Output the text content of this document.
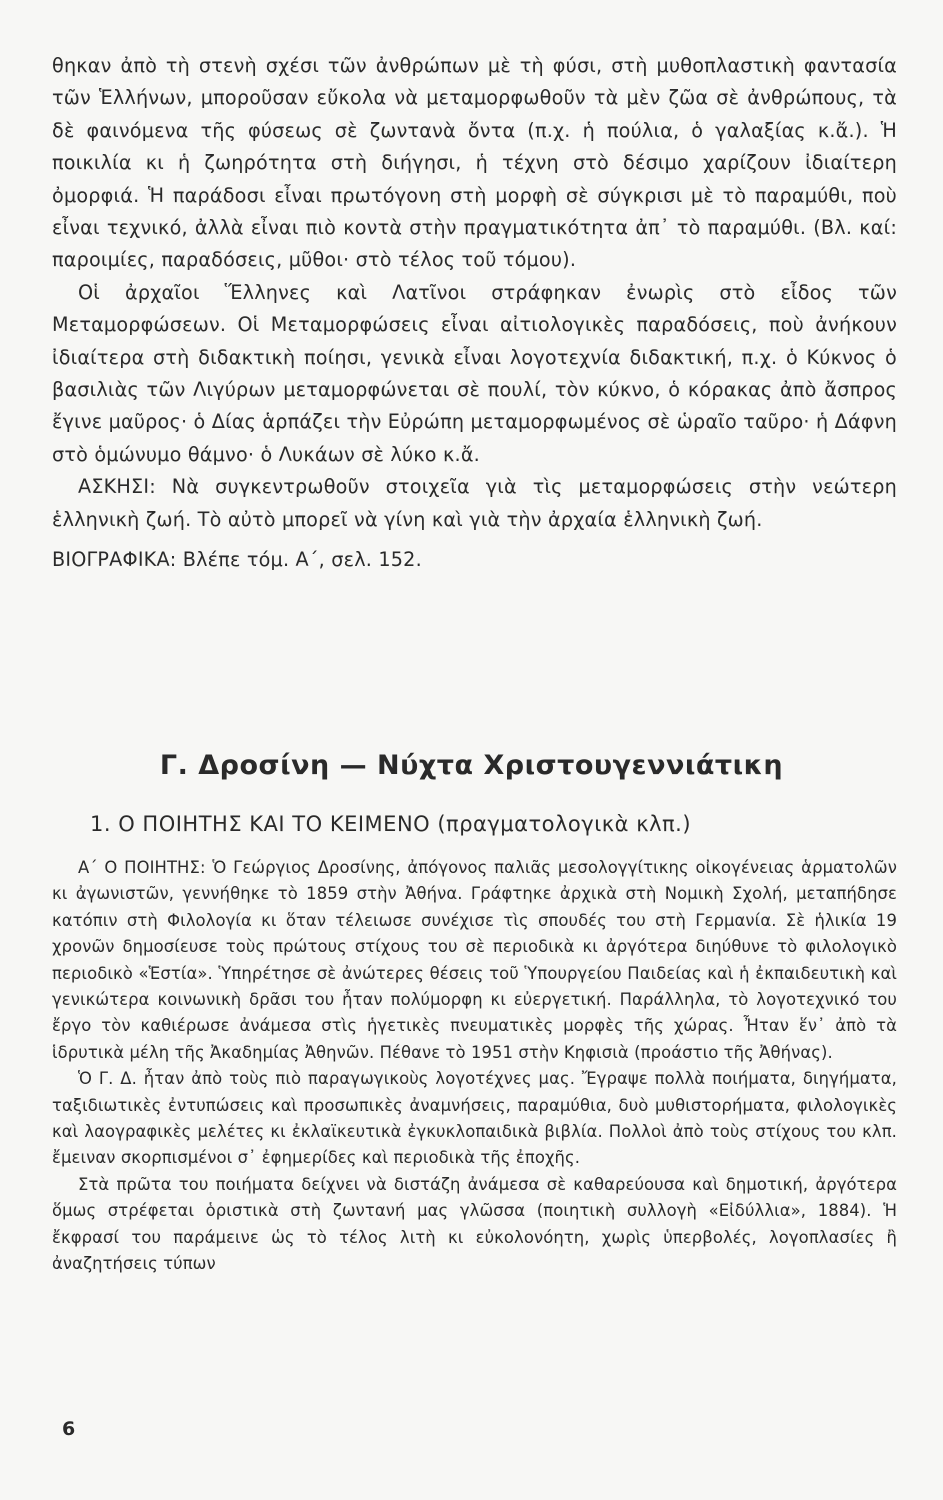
θηκαν ἀπὸ τὴ στενὴ σχέσι τῶν ἀνθρώπων μὲ τὴ φύσι, στὴ μυθοπλαστικὴ φαντασία τῶν Ἑλλήνων, μποροῦσαν εὔκολα νὰ μεταμορφωθοῦν τὰ μὲν ζῶα σὲ ἀνθρώπους, τὰ δὲ φαινόμενα τῆς φύσεως σὲ ζωντανὰ ὄντα (π.χ. ἡ πούλια, ὁ γαλαξίας κ.ἄ.). Ἡ ποικιλία κι ἡ ζωηρότητα στὴ διήγησι, ἡ τέχνη στὸ δέσιμο χαρίζουν ἰδιαίτερη ὀμορφιά. Ἡ παράδοσι εἶναι πρωτόγονη στὴ μορφὴ σὲ σύγκρισι μὲ τὸ παραμύθι, ποὺ εἶναι τεχνικό, ἀλλὰ εἶναι πιὸ κοντὰ στὴν πραγματικότητα ἀπ᾽ τὸ παραμύθι. (Βλ. καί: παροιμίες, παραδόσεις, μῦθοι· στὸ τέλος τοῦ τόμου).

Οἱ ἀρχαῖοι Ἕλληνες καὶ Λατῖνοι στράφηκαν ἐνωρὶς στὸ εἶδος τῶν Μεταμορφώσεων. Οἱ Μεταμορφώσεις εἶναι αἰτιολογικὲς παραδόσεις, ποὺ ἀνήκουν ἰδιαίτερα στὴ διδακτικὴ ποίησι, γενικὰ εἶναι λογοτεχνία διδακτική, π.χ. ὁ Κύκνος ὁ βασιλιὰς τῶν Λιγύρων μεταμορφώνεται σὲ πουλί, τὸν κύκνο, ὁ κόρακας ἀπὸ ἄσπρος ἔγινε μαῦρος· ὁ Δίας ἁρπάζει τὴν Εὐρώπη μεταμορφωμένος σὲ ὡραῖο ταῦρο· ἡ Δάφνη στὸ ὁμώνυμο θάμνο· ὁ Λυκάων σὲ λύκο κ.ἄ.

ΑΣΚΗΣΙ: Νὰ συγκεντρωθοῦν στοιχεῖα γιὰ τὶς μεταμορφώσεις στὴν νεώτερη ἑλληνικὴ ζωή. Τὸ αὐτὸ μπορεῖ νὰ γίνη καὶ γιὰ τὴν ἀρχαία ἑλληνικὴ ζωή.

ΒΙΟΓΡΑΦΙΚΑ: Βλέπε τόμ. Α΄, σελ. 152.

Γ. Δροσίνη — Νύχτα Χριστουγεννιάτικη
1. Ο ΠΟΙΗΤΗΣ ΚΑΙ ΤΟ ΚΕΙΜΕΝΟ (πραγματολογικὰ κλπ.)

Α΄ Ο ΠΟΙΗΤΗΣ: Ὁ Γεώργιος Δροσίνης, ἀπόγονος παλιᾶς μεσολογγίτικης οἰκογένειας ἁρματολῶν κι ἀγωνιστῶν, γεννήθηκε τὸ 1859 στὴν Ἀθήνα. Γράφτηκε ἀρχικὰ στὴ Νομικὴ Σχολή, μεταπήδησε κατόπιν στὴ Φιλολογία κι ὅταν τέλειωσε συνέχισε τὶς σπουδές του στὴ Γερμανία. Σὲ ἡλικία 19 χρονῶν δημοσίευσε τοὺς πρώτους στίχους του σὲ περιοδικὰ κι ἀργότερα διηύθυνε τὸ φιλολογικὸ περιοδικὸ «Ἑστία». Ὑπηρέτησε σὲ ἀνώτερες θέσεις τοῦ Ὑπουργείου Παιδείας καὶ ἡ ἐκπαιδευτικὴ καὶ γενικώτερα κοινωνικὴ δρᾶσι του ἦταν πολύμορφη κι εὐεργετική. Παράλληλα, τὸ λογοτεχνικό του ἔργο τὸν καθιέρωσε ἀνάμεσα στὶς ἡγετικὲς πνευματικὲς μορφὲς τῆς χώρας. Ἦταν ἕν᾽ ἀπὸ τὰ ἱδρυτικὰ μέλη τῆς Ἀκαδημίας Ἀθηνῶν. Πέθανε τὸ 1951 στὴν Κηφισιὰ (προάστιο τῆς Ἀθήνας).

Ὁ Γ. Δ. ἦταν ἀπὸ τοὺς πιὸ παραγωγικοὺς λογοτέχνες μας. Ἔγραψε πολλὰ ποιήματα, διηγήματα, ταξιδιωτικὲς ἐντυπώσεις καὶ προσωπικὲς ἀναμνήσεις, παραμύθια, δυὸ μυθιστορήματα, φιλολογικὲς καὶ λαογραφικὲς μελέτες κι ἐκλαϊκευτικὰ ἐγκυκλοπαιδικὰ βιβλία. Πολλοὶ ἀπὸ τοὺς στίχους του κλπ. ἔμειναν σκορπισμένοι σ᾽ ἐφημερίδες καὶ περιοδικὰ τῆς ἐποχῆς.

Στὰ πρῶτα του ποιήματα δείχνει νὰ διστάζη ἀνάμεσα σὲ καθαρεύουσα καὶ δημοτική, ἀργότερα ὅμως στρέφεται ὁριστικὰ στὴ ζωντανή μας γλῶσσα (ποιητικὴ συλλογὴ «Εἰδύλλια», 1884). Ἡ ἔκφρασί του παράμεινε ὡς τὸ τέλος λιτὴ κι εὐκολονόητη, χωρὶς ὑπερβολές, λογοπλασίες ἢ ἀναζητήσεις τύπων

6
